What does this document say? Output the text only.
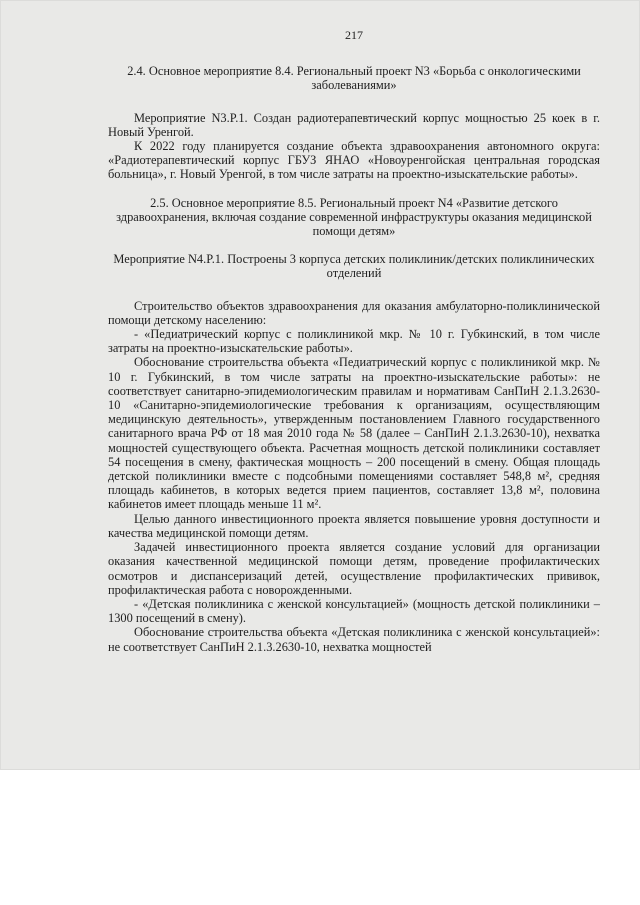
217
2.4. Основное мероприятие 8.4. Региональный проект N3 «Борьба с онкологическими заболеваниями»

Мероприятие N3.P.1. Создан радиотерапевтический корпус мощностью 25 коек в г. Новый Уренгой.

К 2022 году планируется создание объекта здравоохранения автономного округа: «Радиотерапевтический корпус ГБУЗ ЯНАО «Новоуренгойская центральная городская больница», г. Новый Уренгой, в том числе затраты на проектно-изыскательские работы».

2.5. Основное мероприятие 8.5. Региональный проект N4 «Развитие детского здравоохранения, включая создание современной инфраструктуры оказания медицинской помощи детям»
Мероприятие N4.P.1. Построены 3 корпуса детских поликлиник/детских поликлинических отделений

Строительство объектов здравоохранения для оказания амбулаторно-поликлинической помощи детскому населению:

- «Педиатрический корпус с поликлиникой мкр. № 10 г. Губкинский, в том числе затраты на проектно-изыскательские работы».

Обоснование строительства объекта «Педиатрический корпус с поликлиникой мкр. № 10 г. Губкинский, в том числе затраты на проектно-изыскательские работы»: не соответствует санитарно-эпидемиологическим правилам и нормативам СанПиН 2.1.3.2630-10 «Санитарно-эпидемиологические требования к организациям, осуществляющим медицинскую деятельность», утвержденным постановлением Главного государственного санитарного врача РФ от 18 мая 2010 года № 58 (далее – СанПиН 2.1.3.2630-10), нехватка мощностей существующего объекта. Расчетная мощность детской поликлиники составляет 54 посещения в смену, фактическая мощность – 200 посещений в смену. Общая площадь детской поликлиники вместе с подсобными помещениями составляет 548,8 м², средняя площадь кабинетов, в которых ведется прием пациентов, составляет 13,8 м², половина кабинетов имеет площадь меньше 11 м².

Целью данного инвестиционного проекта является повышение уровня доступности и качества медицинской помощи детям.

Задачей инвестиционного проекта является создание условий для организации оказания качественной медицинской помощи детям, проведение профилактических осмотров и диспансеризаций детей, осуществление профилактических прививок, профилактическая работа с новорожденными.

- «Детская поликлиника с женской консультацией» (мощность детской поликлиники – 1300 посещений в смену).

Обоснование строительства объекта «Детская поликлиника с женской консультацией»: не соответствует СанПиН 2.1.3.2630-10, нехватка мощностей
